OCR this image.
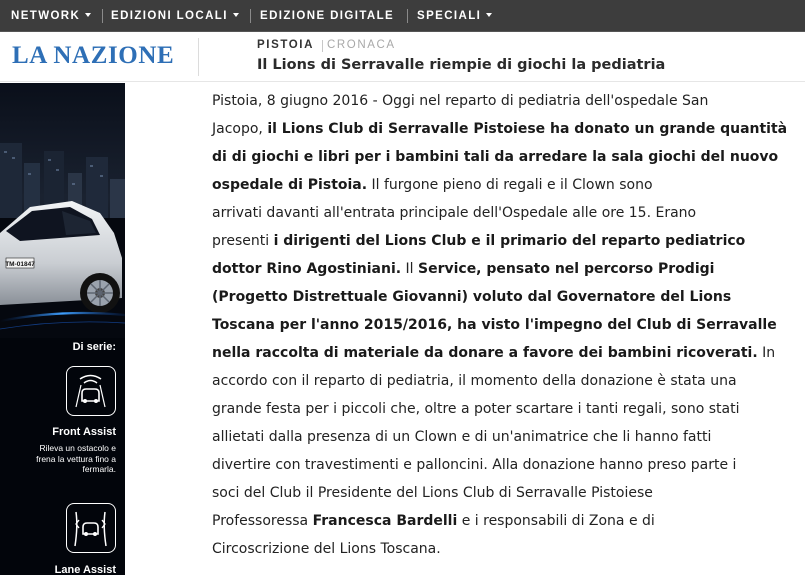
NETWORK	EDIZIONI LOCALI	EDIZIONE DIGITALE SPECIALI
LA NAZIONE	PISTOIA CRONACA
Il Lions di Serravalle riempie di giochi la pediatria
TM-01847
Di serie:
Front Assist
Rileva un ostacolo e frena la vettura fino a fermarla.
Lane Assist

Pistoia, 8 giugno 2016 - Oggi nel reparto di pediatria dell'ospedale San
Jacopo, il Lions Club di Serravalle Pistoiese ha donato un grande quantità
di di giochi e libri per i bambini tali da arredare la sala giochi del nuovo
ospedale di Pistoia. Il furgone pieno di regali e il Clown sono
arrivati davanti all'entrata principale dell'Ospedale alle ore 15. Erano
presenti i dirigenti del Lions Club e il primario del reparto pediatrico
dottor Rino Agostiniani. Il Service, pensato nel percorso Prodigi
(Progetto Distrettuale Giovanni) voluto dal Governatore del Lions
Toscana per l'anno 2015/2016, ha visto l'impegno del Club di Serravalle
nella raccolta di materiale da donare a favore dei bambini ricoverati. In
accordo con il reparto di pediatria, il momento della donazione è stata una
grande festa per i piccoli che, oltre a poter scartare i tanti regali, sono stati
allietati dalla presenza di un Clown e di un'animatrice che li hanno fatti
divertire con travestimenti e palloncini. Alla donazione hanno preso parte i
soci del Club il Presidente del Lions Club di Serravalle Pistoiese
Professoressa Francesca Bardelli e i responsabili di Zona e di
Circoscrizione del Lions Toscana.
